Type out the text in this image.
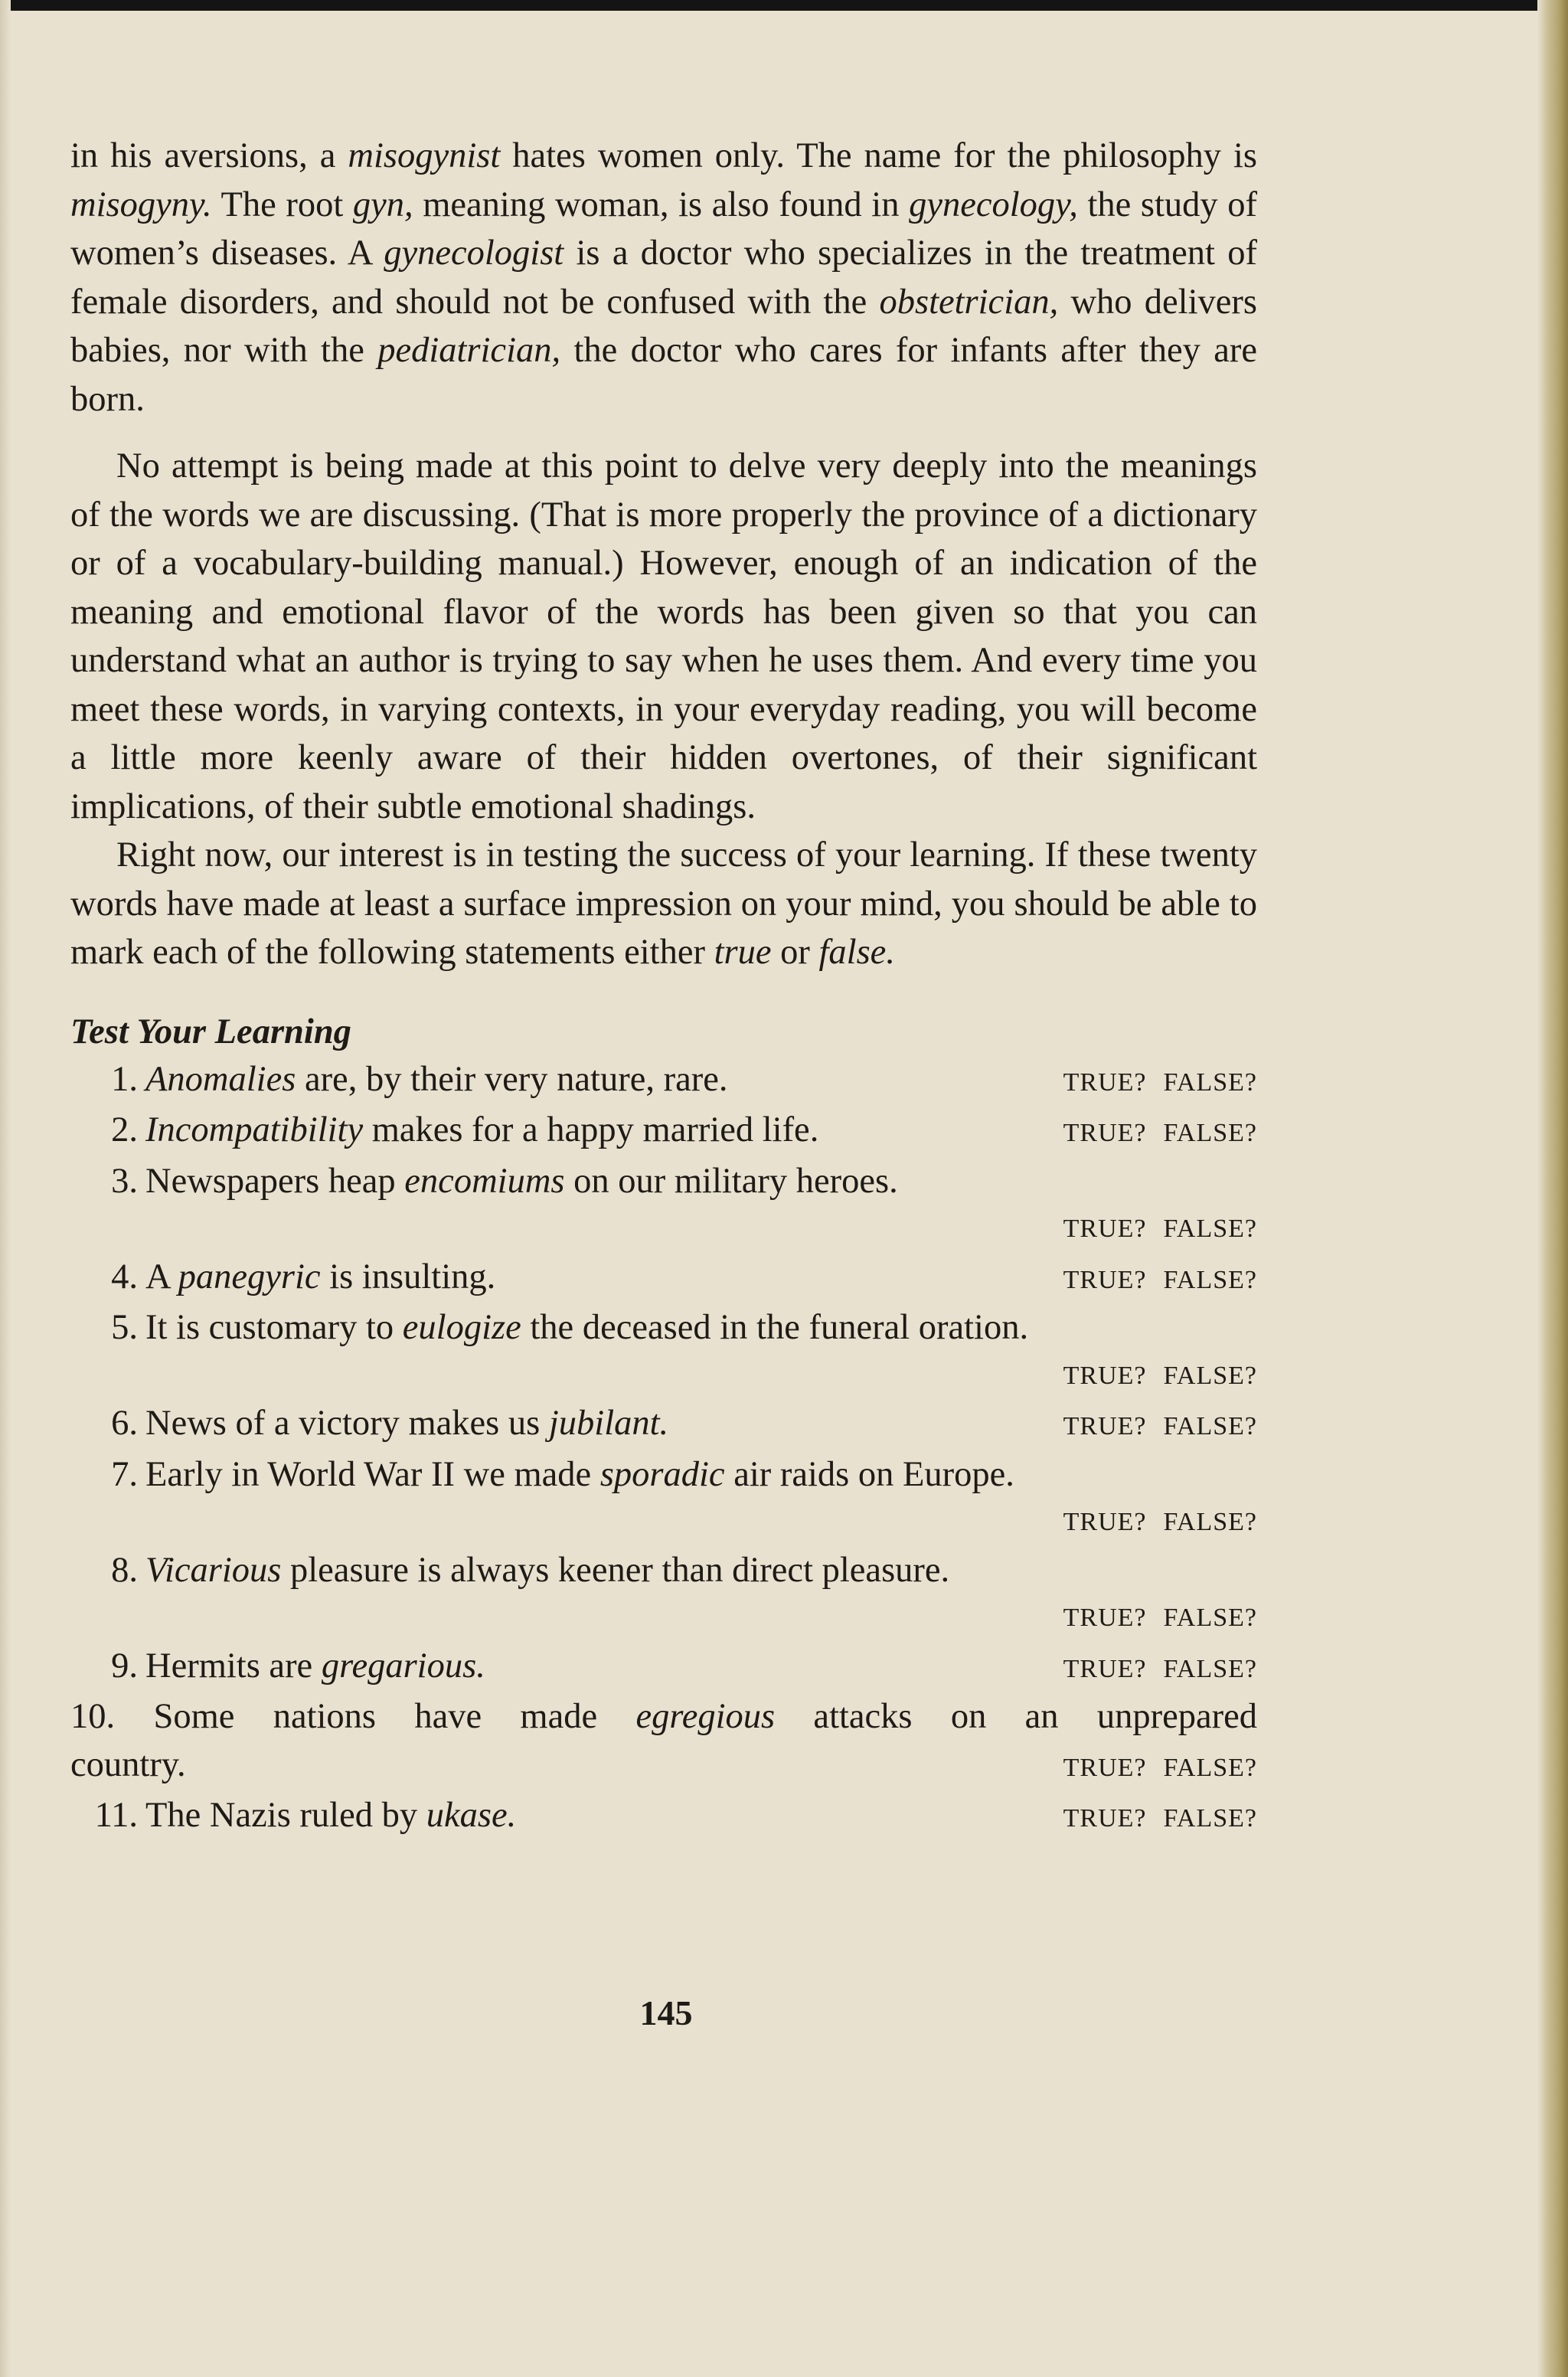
in his aversions, a misogynist hates women only. The name for the philosophy is misogyny. The root gyn, meaning woman, is also found in gynecology, the study of women’s diseases. A gynecologist is a doctor who specializes in the treatment of female disorders, and should not be confused with the obstetrician, who delivers babies, nor with the pediatrician, the doctor who cares for infants after they are born.

No attempt is being made at this point to delve very deeply into the meanings of the words we are discussing. (That is more properly the province of a dictionary or of a vocabulary-building manual.) However, enough of an indication of the meaning and emotional flavor of the words has been given so that you can understand what an author is trying to say when he uses them. And every time you meet these words, in varying contexts, in your everyday reading, you will become a little more keenly aware of their hidden overtones, of their significant implications, of their subtle emotional shadings.

Right now, our interest is in testing the success of your learning. If these twenty words have made at least a surface impression on your mind, you should be able to mark each of the following statements either true or false.

Test Your Learning
1. Anomalies are, by their very nature, rare.	TRUE? FALSE?
2. Incompatibility makes for a happy married life.	TRUE? FALSE?
3. Newspapers heap encomiums on our military heroes.
TRUE? FALSE?
4. A panegyric is insulting.	TRUE? FALSE?
5. It is customary to eulogize the deceased in the funeral oration.
TRUE? FALSE?
6. News of a victory makes us jubilant.	TRUE? FALSE?
7. Early in World War II we made sporadic air raids on Europe.
TRUE? FALSE?
8. Vicarious pleasure is always keener than direct pleasure.
TRUE? FALSE?
9. Hermits are gregarious.	TRUE? FALSE?
10.	Some nations have made egregious attacks on an unprepared
country.	TRUE? FALSE?
11. The Nazis ruled by ukase.	TRUE? FALSE?
145
